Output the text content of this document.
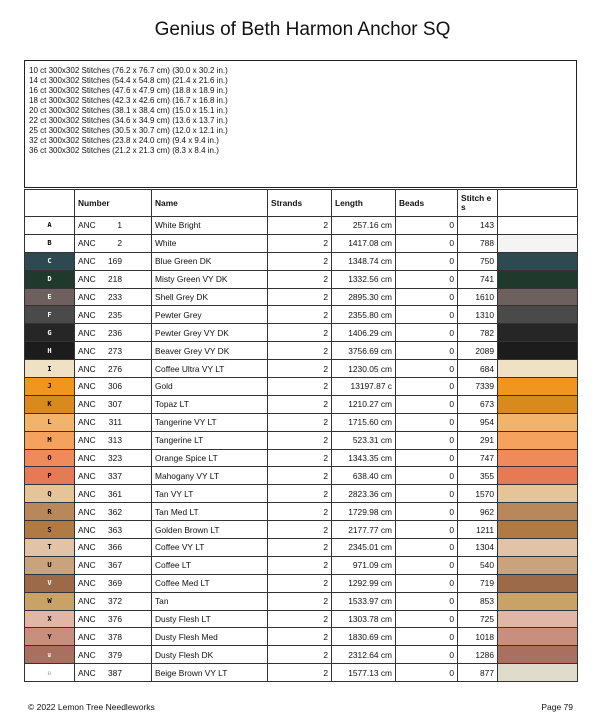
Genius of Beth Harmon Anchor SQ
10 ct 300x302 Stitches (76.2 x 76.7 cm) (30.0 x 30.2 in.)
14 ct 300x302 Stitches (54.4 x 54.8 cm) (21.4 x 21.6 in.)
16 ct 300x302 Stitches (47.6 x 47.9 cm) (18.8 x 18.9 in.)
18 ct 300x302 Stitches (42.3 x 42.6 cm) (16.7 x 16.8 in.)
20 ct 300x302 Stitches (38.1 x 38.4 cm) (15.0 x 15.1 in.)
22 ct 300x302 Stitches (34.6 x 34.9 cm) (13.6 x 13.7 in.)
25 ct 300x302 Stitches (30.5 x 30.7 cm) (12.0 x 12.1 in.)
32 ct 300x302 Stitches (23.8 x 24.0 cm) (9.4 x 9.4 in.)
36 ct 300x302 Stitches (21.2 x 21.3 cm) (8.3 x 8.4 in.)
	Number	Name	Strands	Length	Beads	Stitch es	
A	ANC 1	White Bright	2	257.16 cm	0	143	
B	ANC 2	White	2	1417.08 cm	0	788	
C	ANC 169	Blue Green DK	2	1348.74 cm	0	750	
D	ANC 218	Misty Green VY DK	2	1332.56 cm	0	741	
E	ANC 233	Shell Grey DK	2	2895.30 cm	0	1610	
F	ANC 235	Pewter Grey	2	2355.80 cm	0	1310	
G	ANC 236	Pewter Grey VY DK	2	1406.29 cm	0	782	
H	ANC 273	Beaver Grey VY DK	2	3756.69 cm	0	2089	
I	ANC 276	Coffee Ultra VY LT	2	1230.05 cm	0	684	
J	ANC 306	Gold	2	13197.87 c	0	7339	
K	ANC 307	Topaz LT	2	1210.27 cm	0	673	
L	ANC 311	Tangerine VY LT	2	1715.60 cm	0	954	
M	ANC 313	Tangerine LT	2	523.31 cm	0	291	
O	ANC 323	Orange Spice LT	2	1343.35 cm	0	747	
P	ANC 337	Mahogany VY LT	2	638.40 cm	0	355	
Q	ANC 361	Tan VY LT	2	2823.36 cm	0	1570	
R	ANC 362	Tan Med LT	2	1729.98 cm	0	962	
S	ANC 363	Golden Brown LT	2	2177.77 cm	0	1211	
T	ANC 366	Coffee VY LT	2	2345.01 cm	0	1304	
U	ANC 367	Coffee LT	2	971.09 cm	0	540	
V	ANC 369	Coffee Med LT	2	1292.99 cm	0	719	
W	ANC 372	Tan	2	1533.97 cm	0	853	
X	ANC 376	Dusty Flesh LT	2	1303.78 cm	0	725	
Y	ANC 378	Dusty Flesh Med	2	1830.69 cm	0	1018	
♛	ANC 379	Dusty Flesh DK	2	2312.64 cm	0	1286	
♘	ANC 387	Beige Brown VY LT	2	1577.13 cm	0	877	
© 2022 Lemon Tree Needleworks	Page 79
